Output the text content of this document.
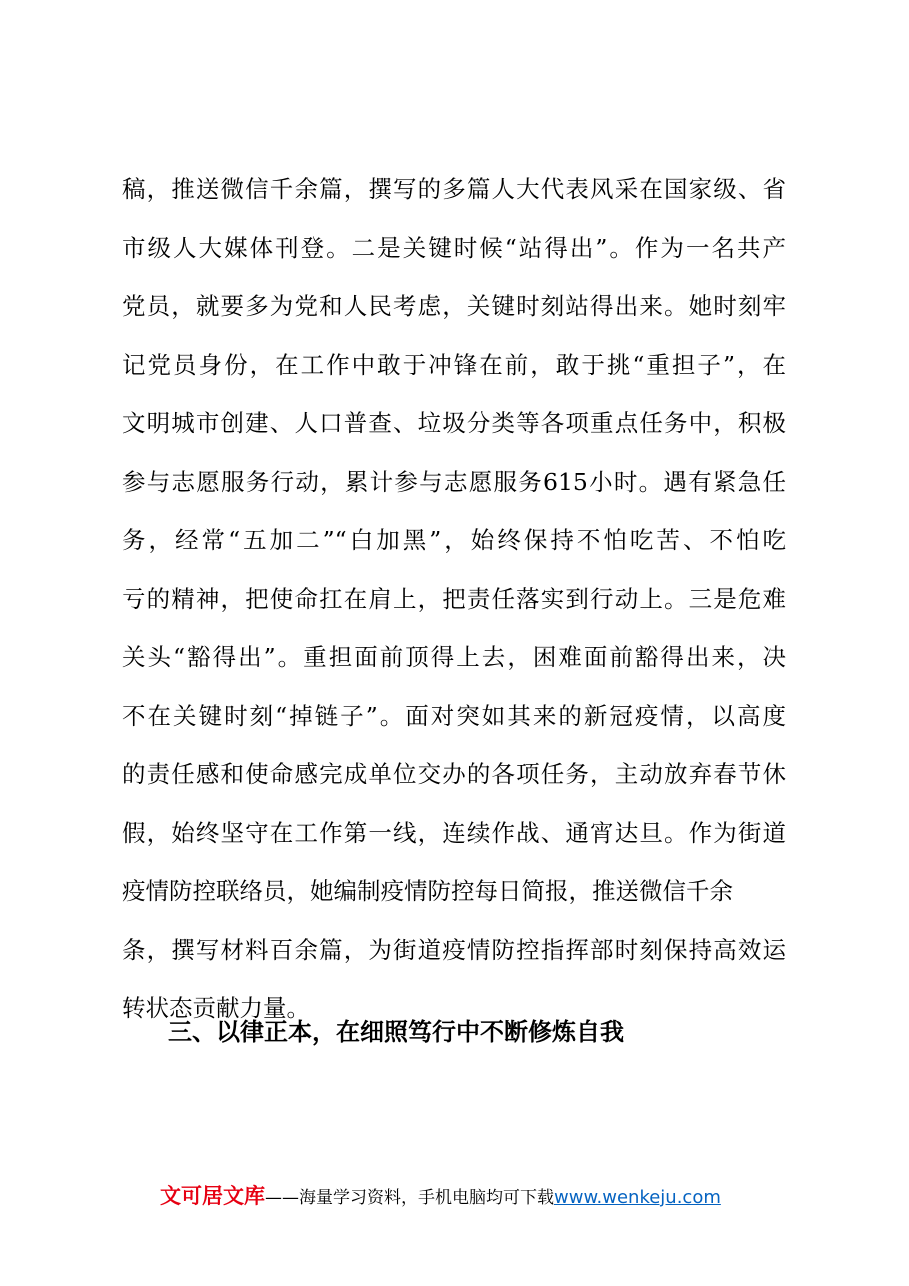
稿，推送微信千余篇，撰写的多篇人大代表风采在国家级、省
市级人大媒体刊登。二是关键时候“站得出”。作为一名共产
党员，就要多为党和人民考虑，关键时刻站得出来。她时刻牢
记党员身份，在工作中敢于冲锋在前，敢于挑“重担子”，在
文明城市创建、人口普查、垃圾分类等各项重点任务中，积极
参与志愿服务行动，累计参与志愿服务615小时。遇有紧急任
务，经常“五加二”“白加黑”，始终保持不怕吃苦、不怕吃
亏的精神，把使命扛在肩上，把责任落实到行动上。三是危难
关头“豁得出”。重担面前顶得上去，困难面前豁得出来，决
不在关键时刻“掉链子”。面对突如其来的新冠疫情，以高度
的责任感和使命感完成单位交办的各项任务，主动放弃春节休
假，始终坚守在工作第一线，连续作战、通宵达旦。作为街道
疫情防控联络员，她编制疫情防控每日简报，推送微信千余
条，撰写材料百余篇，为街道疫情防控指挥部时刻保持高效运
转状态贡献力量。
三、以律正本，在细照笃行中不断修炼自我
文可居文库——海量学习资料，手机电脑均可下载www.wenkeju.com
